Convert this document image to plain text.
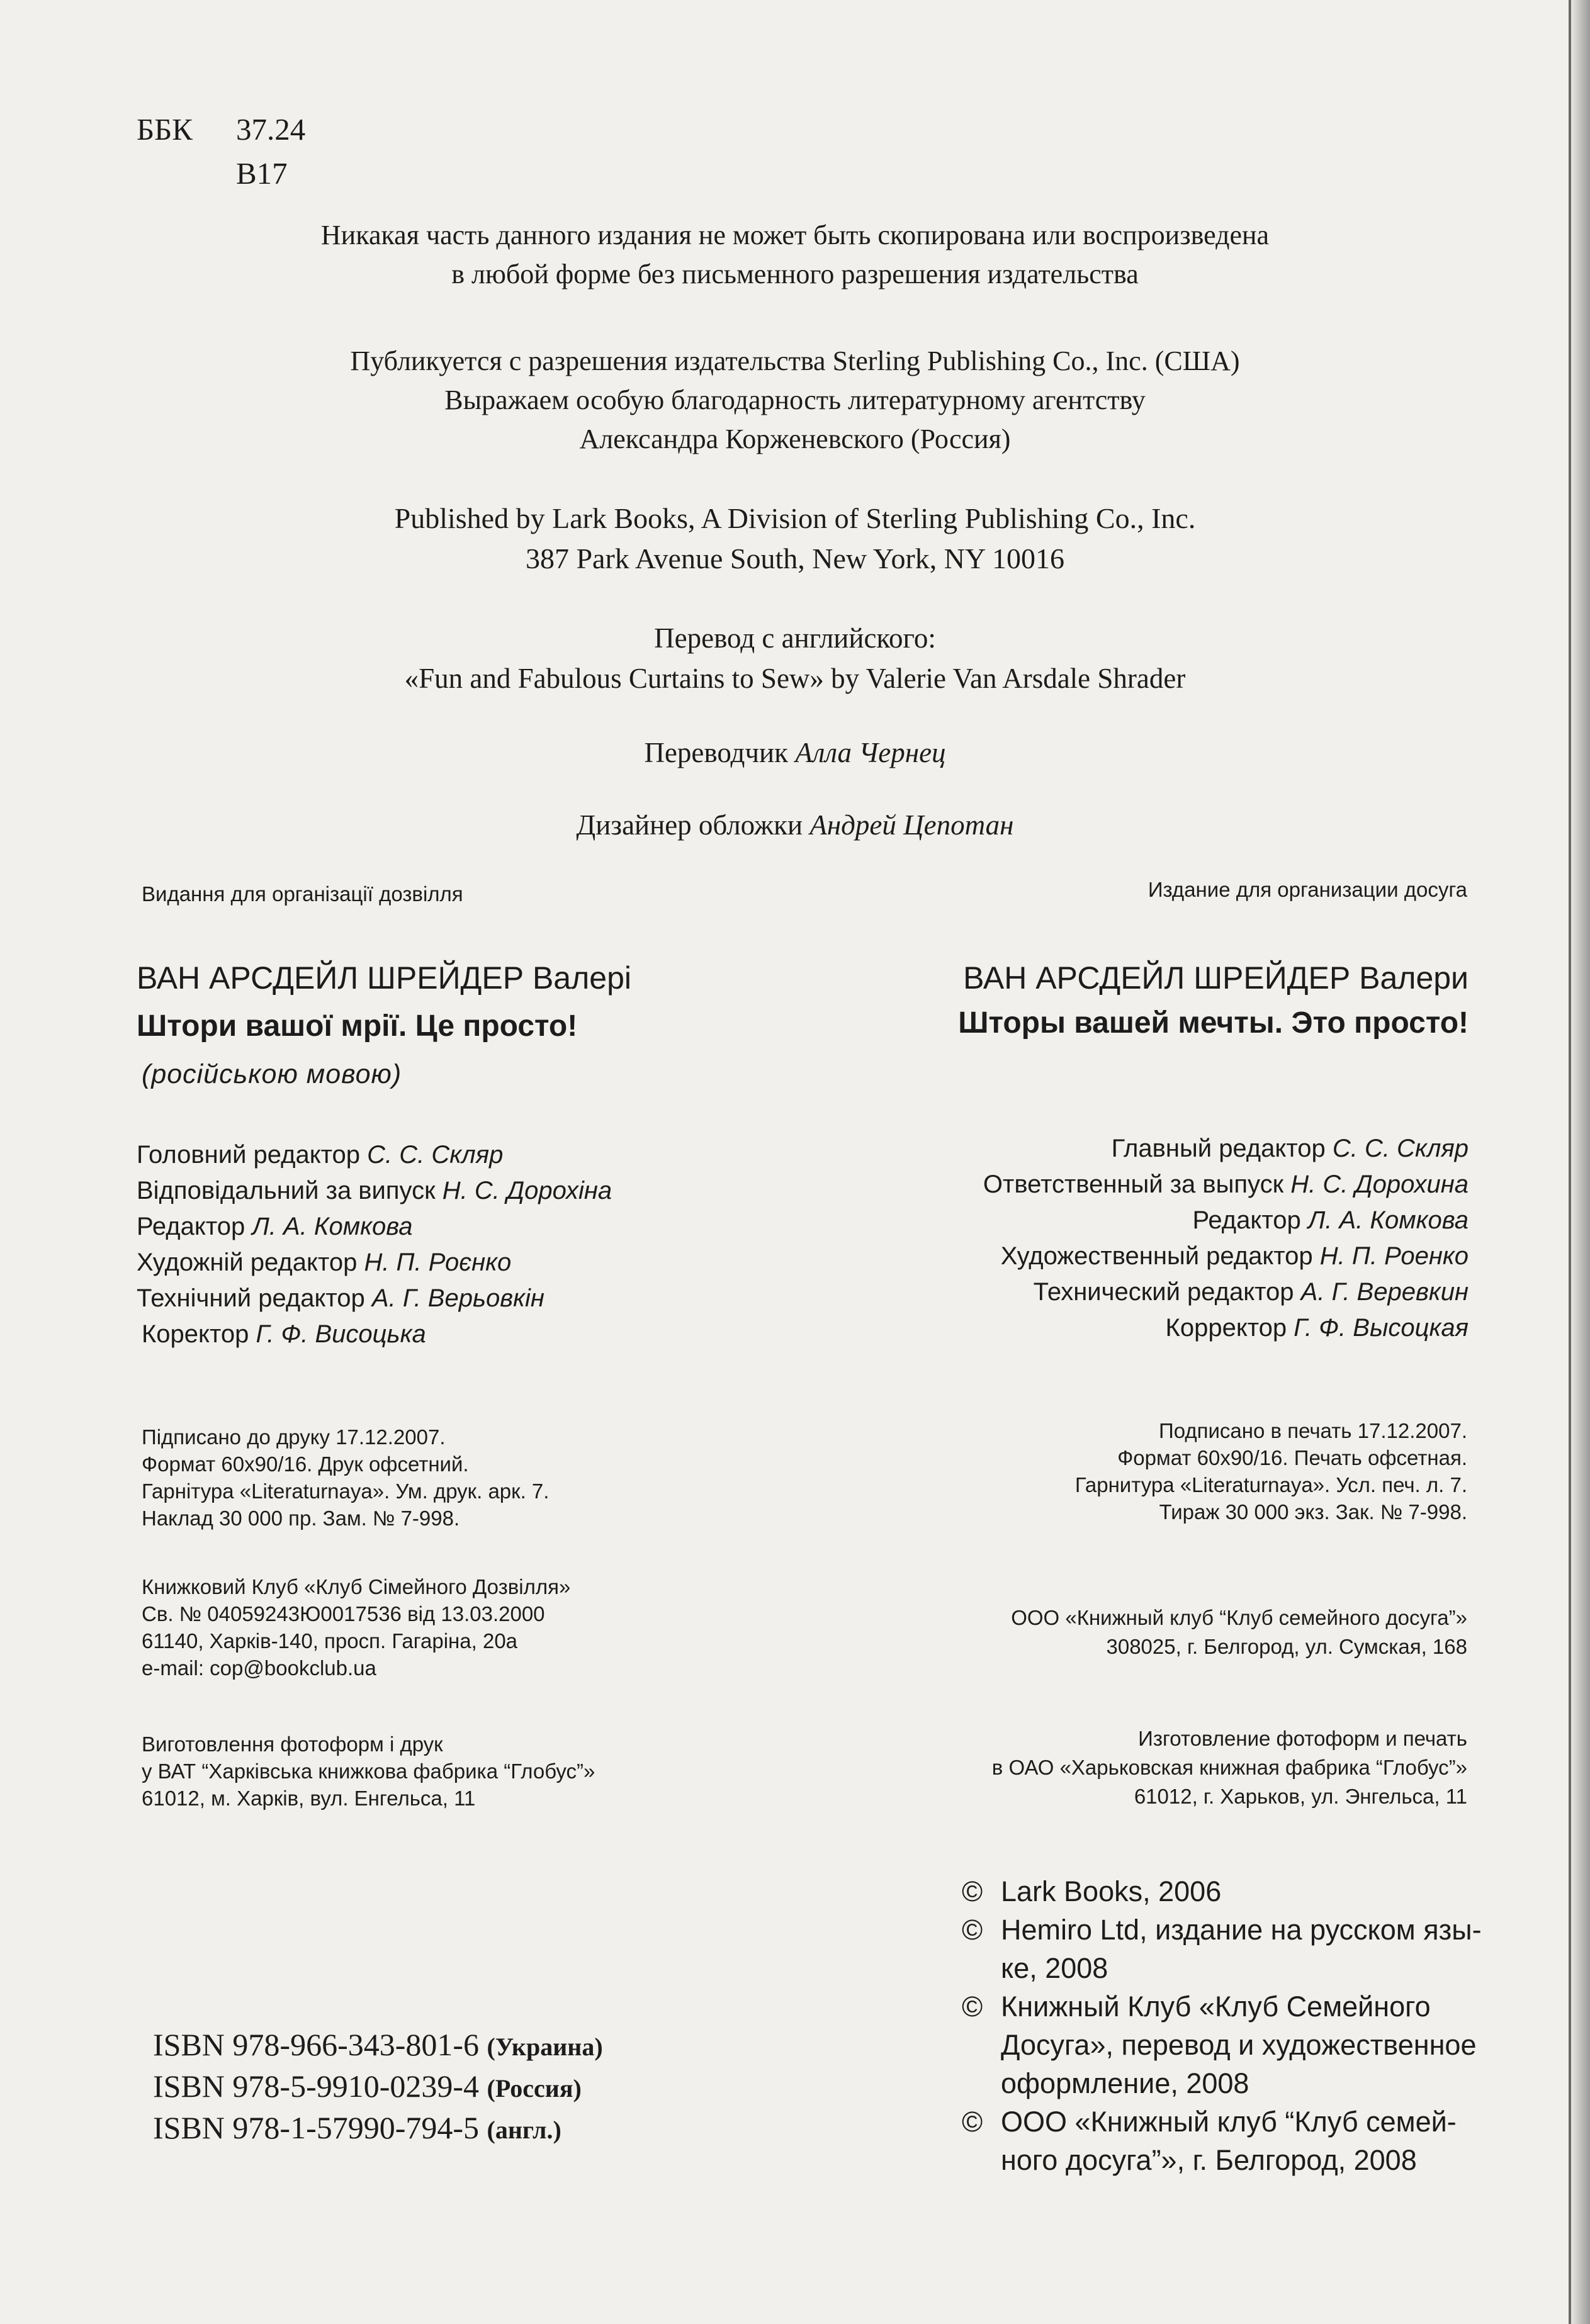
ББК 37.24
В17
Никакая часть данного издания не может быть скопирована или воспроизведена
в любой форме без письменного разрешения издательства
Публикуется с разрешения издательства Sterling Publishing Co., Inc. (США)
Выражаем особую благодарность литературному агентству
Александра Корженевского (Россия)
Published by Lark Books, A Division of Sterling Publishing Co., Inc.
387 Park Avenue South, New York, NY 10016
Перевод с английского:
«Fun and Fabulous Curtains to Sew» by Valerie Van Arsdale Shrader
Переводчик Алла Чернец
Дизайнер обложки Андрей Цепотан
Видання для організації дозвілля
ВАН АРСДЕЙЛ ШРЕЙДЕР Валері
Штори вашої мрії. Це просто!
(російською мовою)
Головний редактор С. С. Скляр
Відповідальний за випуск Н. С. Дорохіна
Редактор Л. А. Комкова
Художній редактор Н. П. Роєнко
Технічний редактор А. Г. Верьовкін
Коректор Г. Ф. Висоцька
Підписано до друку 17.12.2007.
Формат 60x90/16. Друк офсетний.
Гарнітура «Literaturnaya». Ум. друк. арк. 7.
Наклад 30 000 пр. Зам. № 7-998.
Книжковий Клуб «Клуб Сімейного Дозвілля»
Св. № 04059243Ю0017536 від 13.03.2000
61140, Харків-140, просп. Гагаріна, 20а
e-mail: cop@bookclub.ua
Виготовлення фотоформ і друк
у ВАТ “Харківська книжкова фабрика “Глобус”»
61012, м. Харків, вул. Енгельса, 11
Издание для организации досуга
ВАН АРСДЕЙЛ ШРЕЙДЕР Валери
Шторы вашей мечты. Это просто!
Главный редактор С. С. Скляр
Ответственный за выпуск Н. С. Дорохина
Редактор Л. А. Комкова
Художественный редактор Н. П. Роенко
Технический редактор А. Г. Веревкин
Корректор Г. Ф. Высоцкая
Подписано в печать 17.12.2007.
Формат 60x90/16. Печать офсетная.
Гарнитура «Literaturnaya». Усл. печ. л. 7.
Тираж 30 000 экз. Зак. № 7-998.
ООО «Книжный клуб “Клуб семейного досуга”»
308025, г. Белгород, ул. Сумская, 168
Изготовление фотоформ и печать
в ОАО «Харьковская книжная фабрика “Глобус”»
61012, г. Харьков, ул. Энгельса, 11
ISBN 978-966-343-801-6 (Украина)
ISBN 978-5-9910-0239-4 (Россия)
ISBN 978-1-57990-794-5 (англ.)
© Lark Books, 2006
© Hemiro Ltd, издание на русском язы-
ке, 2008
© Книжный Клуб «Клуб Семейного
Досуга», перевод и художественное
оформление, 2008
© ООО «Книжный клуб “Клуб семей-
ного досуга”», г. Белгород, 2008
